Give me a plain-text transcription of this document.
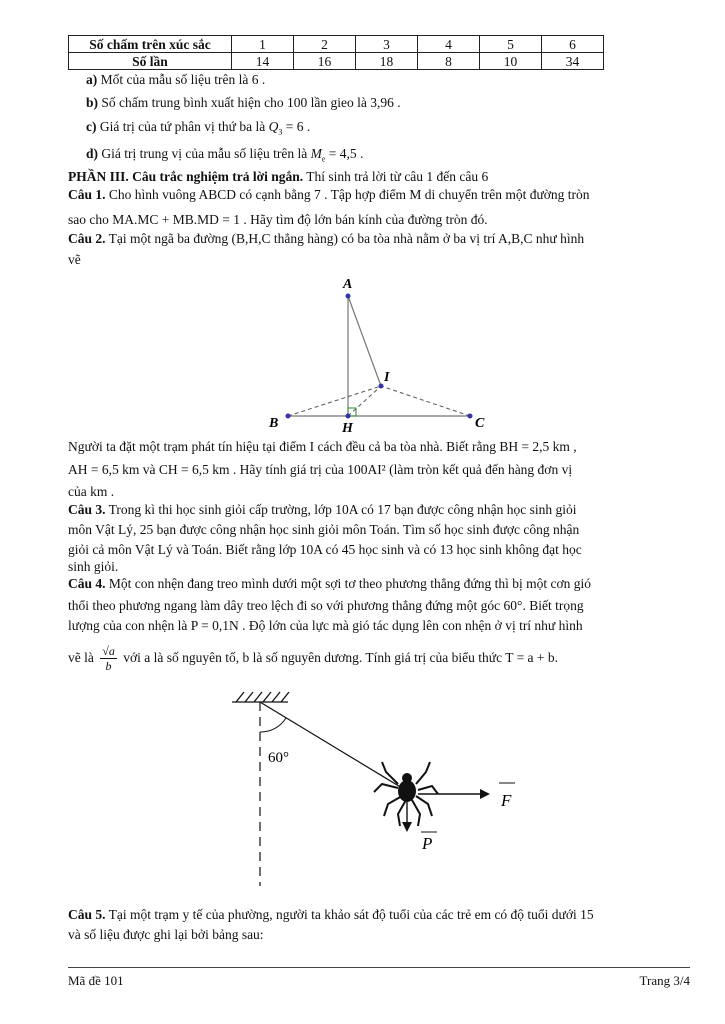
Số chấm trên xúc sắc	1	2	3	4	5	6
Số lần	14	16	18	8	10	34
a) Mốt của mẫu số liệu trên là 6 .
b) Số chấm trung bình xuất hiện cho 100 lần gieo là 3,96 .
c) Giá trị của tứ phân vị thứ ba là $Q_3 = 6$ .
d) Giá trị trung vị của mẫu số liệu trên là $M_e = 4,5$ .
PHẦN III. Câu trắc nghiệm trả lời ngắn. Thí sinh trả lời từ câu 1 đến câu 6
Câu 1. Cho hình vuông ABCD có cạnh bằng 7 . Tập hợp điểm M di chuyển trên một đường tròn
sao cho MA.MC + MB.MD = 1 . Hãy tìm độ lớn bán kính của đường tròn đó.
Câu 2. Tại một ngã ba đường (B,H,C thẳng hàng) có ba tòa nhà nằm ở ba vị trí A,B,C như hình
vẽ
A
B	C
H
I
Người ta đặt một trạm phát tín hiệu tại điểm I cách đều cả ba tòa nhà. Biết rằng BH = 2,5 km ,
AH = 6,5 km và CH = 6,5 km . Hãy tính giá trị của 100AI² (làm tròn kết quả đến hàng đơn vị
của km .
Câu 3. Trong kì thi học sinh giỏi cấp trường, lớp 10A có 17 bạn được công nhận học sinh giỏi
môn Vật Lý, 25 bạn được công nhận học sinh giỏi môn Toán. Tìm số học sinh được công nhận
giỏi cả môn Vật Lý và Toán. Biết rằng lớp 10A có 45 học sinh và có 13 học sinh không đạt học
sinh giỏi.
Câu 4. Một con nhện đang treo mình dưới một sợi tơ theo phương thẳng đứng thì bị một cơn gió
thổi theo phương ngang làm dây treo lệch đi so với phương thẳng đứng một góc 60°. Biết trọng
lượng của con nhện là P = 0,1N . Độ lớn của lực mà gió tác dụng lên con nhện ở vị trí như hình
vẽ là $\frac{√a}{b}$ với a là số nguyên tố, b là số nguyên dương. Tính giá trị của biểu thức T = a + b.
60°
F
P
Câu 5. Tại một trạm y tế của phường, người ta khảo sát độ tuổi của các trẻ em có độ tuổi dưới 15
và số liệu được ghi lại bởi bảng sau:
Mã đề 101	Trang 3/4
